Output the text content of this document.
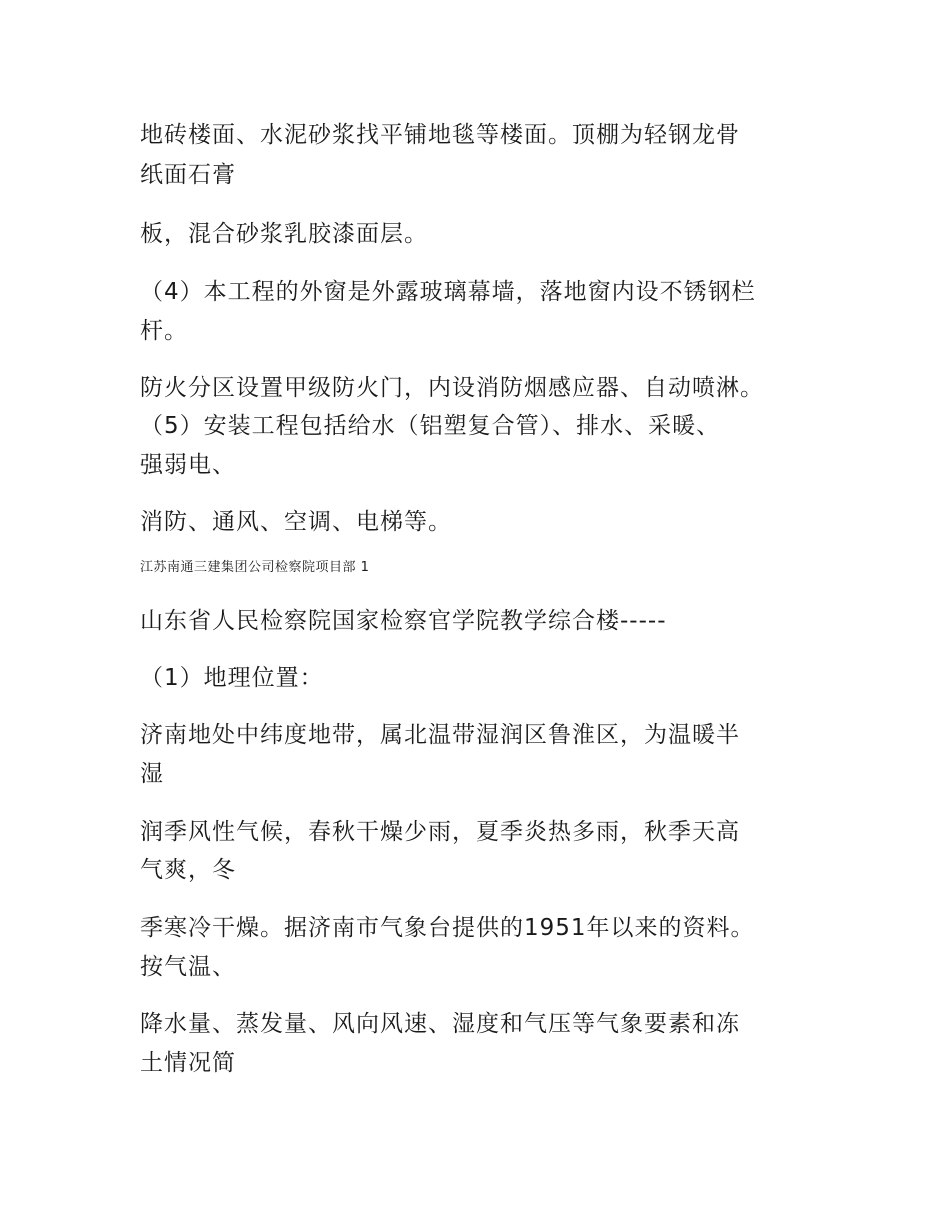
地砖楼面、水泥砂浆找平铺地毯等楼面。顶棚为轻钢龙骨
纸面石膏
板，混合砂浆乳胶漆面层。
（4）本工程的外窗是外露玻璃幕墙，落地窗内设不锈钢栏
杆。
防火分区设置甲级防火门，内设消防烟感应器、自动喷淋。
（5）安装工程包括给水（铝塑复合管）、排水、采暖、
强弱电、
消防、通风、空调、电梯等。
江苏南通三建集团公司检察院项目部 1
山东省人民检察院国家检察官学院教学综合楼-----
（1）地理位置：
济南地处中纬度地带，属北温带湿润区鲁淮区，为温暖半
湿
润季风性气候，春秋干燥少雨，夏季炎热多雨，秋季天高
气爽，冬
季寒冷干燥。据济南市气象台提供的1951年以来的资料。
按气温、
降水量、蒸发量、风向风速、湿度和气压等气象要素和冻
土情况简
